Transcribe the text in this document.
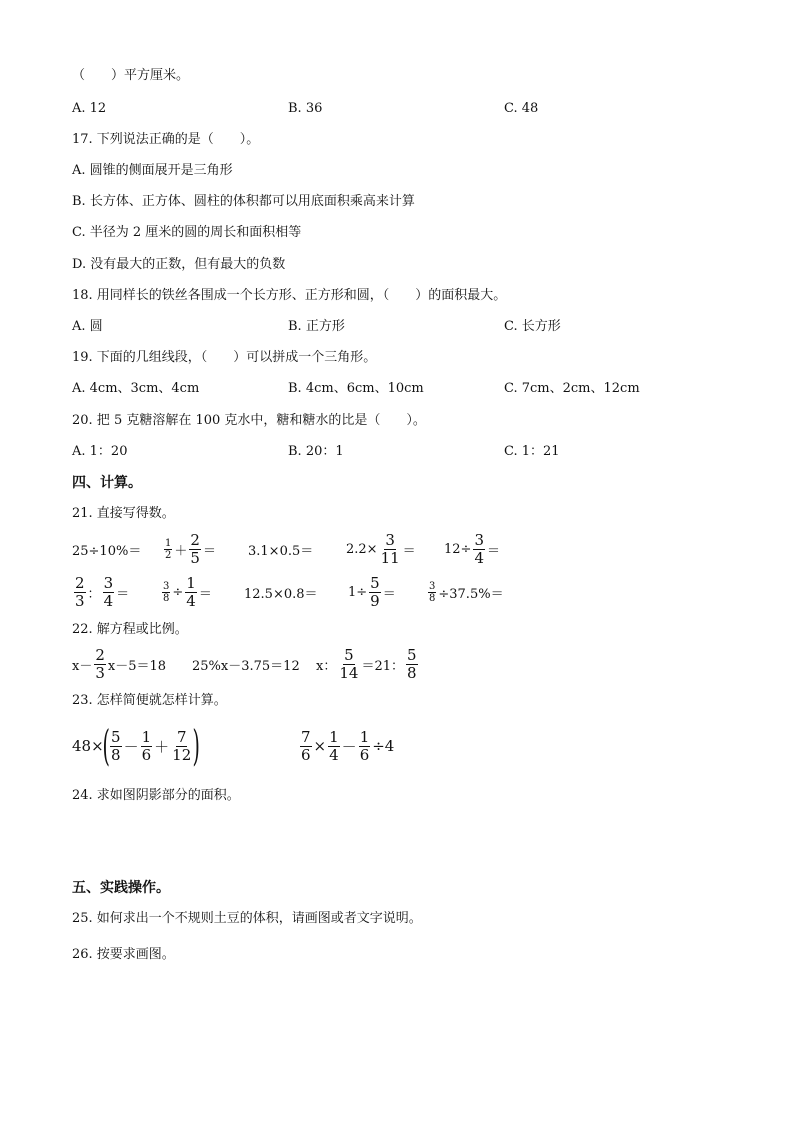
（　　）平方厘米。
A. 12	B. 36	C. 48
17. 下列说法正确的是（　　）。
A. 圆锥的侧面展开是三角形
B. 长方体、正方体、圆柱的体积都可以用底面积乘高来计算
C. 半径为 2 厘米的圆的周长和面积相等
D. 没有最大的正数，但有最大的负数
18. 用同样长的铁丝各围成一个长方形、正方形和圆，（　　）的面积最大。
A. 圆	B. 正方形	C. 长方形
19. 下面的几组线段，（　　）可以拼成一个三角形。
A. 4cm、3cm、4cm	B. 4cm、6cm、10cm	C. 7cm、2cm、12cm
20. 把 5 克糖溶解在 100 克水中，糖和糖水的比是（　　）。
A. 1：20	B. 20：1	C. 1：21
四、计算。
21. 直接写得数。
25÷10%＝
1
2 ＋
2
5 ＝ 3.1×0.5＝	$2.2\times \frac{3}{11} = 12\div \frac{3}{4}$ ＝
2
3 ：
3
4 ＝	$\frac{3}{8} \div \frac{1}{4} = 12.5\times 0.8= 1\div \frac{5}{9}$ ＝	$\frac{3}{8} \div 37.5\%=$
22. 解方程或比例。
x－
2
3 x－5＝18 25%x－3.75＝12 x：
5
14 ＝21：
5
8
23. 怎样简便就怎样计算。
48×
( 5
8 －
1
6 ＋
7
12 )	$\frac{7}{6} \times \frac{1}{4} - \frac{1}{6} \div 4$
24. 求如图阴影部分的面积。
五、实践操作。
25. 如何求出一个不规则土豆的体积，请画图或者文字说明。
26. 按要求画图。
